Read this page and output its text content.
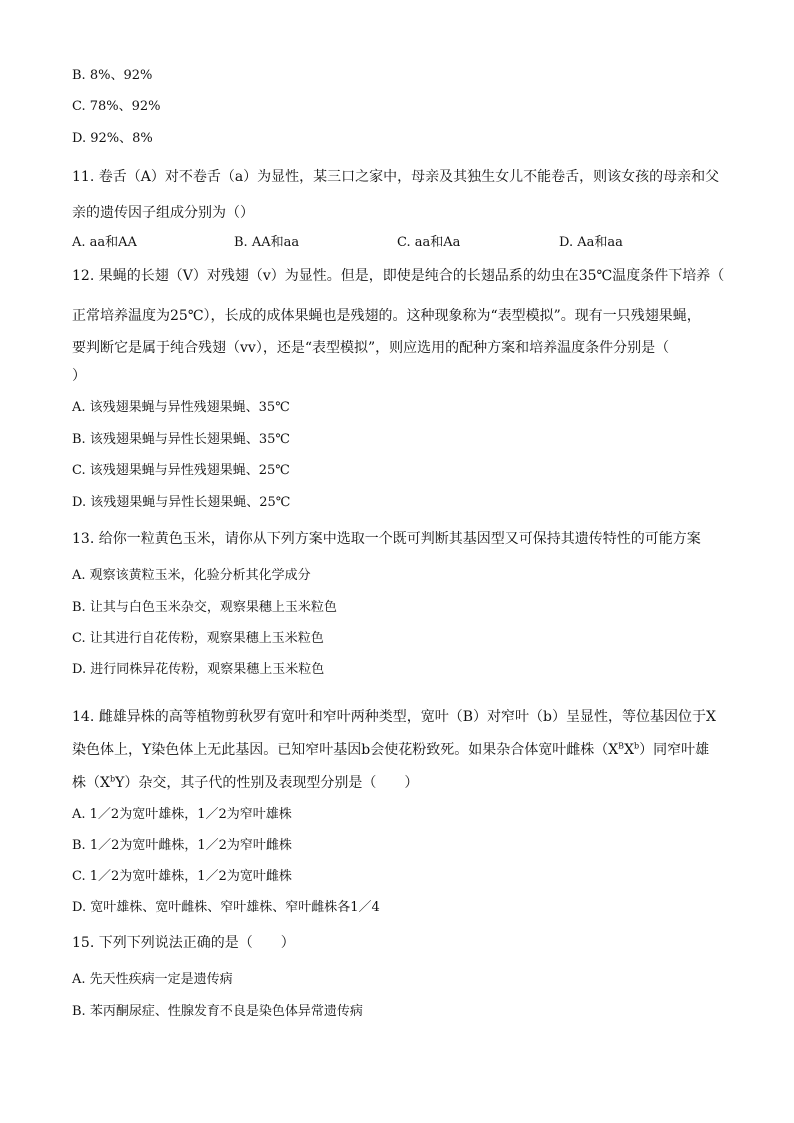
B. 8%、92%
C. 78%、92%
D. 92%、8%
11. 卷舌（A）对不卷舌（a）为显性，某三口之家中，母亲及其独生女儿不能卷舌，则该女孩的母亲和父
亲的遗传因子组成分别为（）
A. aa和AA	B. AA和aa	C. aa和Aa	D. Aa和aa
12. 果蝇的长翅（V）对残翅（v）为显性。但是，即使是纯合的长翅品系的幼虫在35℃温度条件下培养（
正常培养温度为25℃），长成的成体果蝇也是残翅的。这种现象称为“表型模拟”。现有一只残翅果蝇，
要判断它是属于纯合残翅（vv），还是“表型模拟”，则应选用的配种方案和培养温度条件分别是（
）
A. 该残翅果蝇与异性残翅果蝇、35℃
B. 该残翅果蝇与异性长翅果蝇、35℃
C. 该残翅果蝇与异性残翅果蝇、25℃
D. 该残翅果蝇与异性长翅果蝇、25℃
13. 给你一粒黄色玉米，请你从下列方案中选取一个既可判断其基因型又可保持其遗传特性的可能方案
A. 观察该黄粒玉米，化验分析其化学成分
B. 让其与白色玉米杂交，观察果穗上玉米粒色
C. 让其进行自花传粉，观察果穗上玉米粒色
D. 进行同株异花传粉，观察果穗上玉米粒色
14. 雌雄异株的高等植物剪秋罗有宽叶和窄叶两种类型，宽叶（B）对窄叶（b）呈显性，等位基因位于X
染色体上，Y染色体上无此基因。已知窄叶基因b会使花粉致死。如果杂合体宽叶雌株$(X^BX^b)$同窄叶雄
株$(X^bY)$杂交，其子代的性别及表现型分别是（　　）
A. 1／2为宽叶雄株，1／2为窄叶雄株
B. 1／2为宽叶雌株，1／2为窄叶雌株
C. 1／2为宽叶雄株，1／2为宽叶雌株
D. 宽叶雄株、宽叶雌株、窄叶雄株、窄叶雌株各1／4
15. 下列下列说法正确的是（　　）
A. 先天性疾病一定是遗传病
B. 苯丙酮尿症、性腺发育不良是染色体异常遗传病
